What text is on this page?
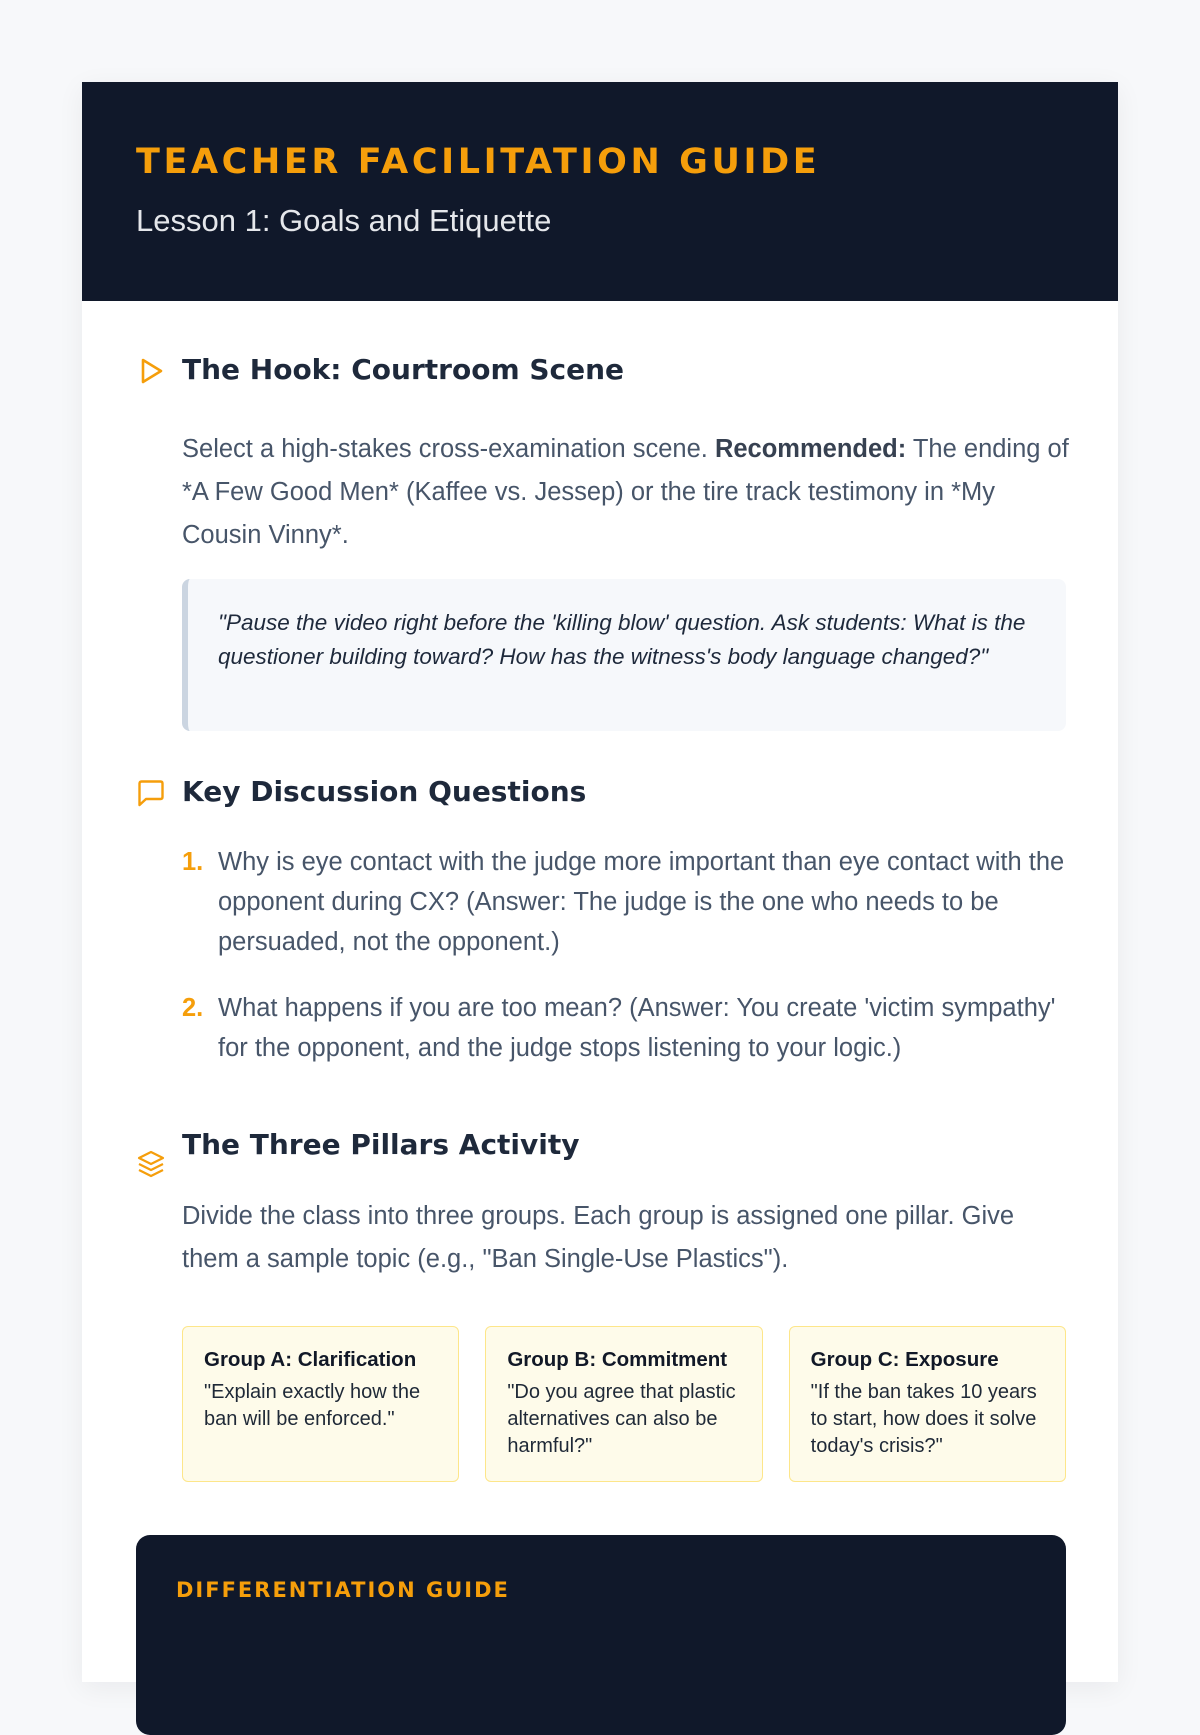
TEACHER FACILITATION GUIDE
Lesson 1: Goals and Etiquette
The Hook: Courtroom Scene
Select a high-stakes cross-examination scene. Recommended: The ending of *A Few Good Men* (Kaffee vs. Jessep) or the tire track testimony in *My Cousin Vinny*.
"Pause the video right before the 'killing blow' question. Ask students: What is the questioner building toward? How has the witness's body language changed?"
Key Discussion Questions
1. Why is eye contact with the judge more important than eye contact with the opponent during CX? (Answer: The judge is the one who needs to be persuaded, not the opponent.)
2. What happens if you are too mean? (Answer: You create 'victim sympathy' for the opponent, and the judge stops listening to your logic.)
The Three Pillars Activity
Divide the class into three groups. Each group is assigned one pillar. Give them a sample topic (e.g., "Ban Single-Use Plastics").
Group A: Clarification
"Explain exactly how the ban will be enforced."
Group B: Commitment
"Do you agree that plastic alternatives can also be harmful?"
Group C: Exposure
"If the ban takes 10 years to start, how does it solve today's crisis?"
DIFFERENTIATION GUIDE
